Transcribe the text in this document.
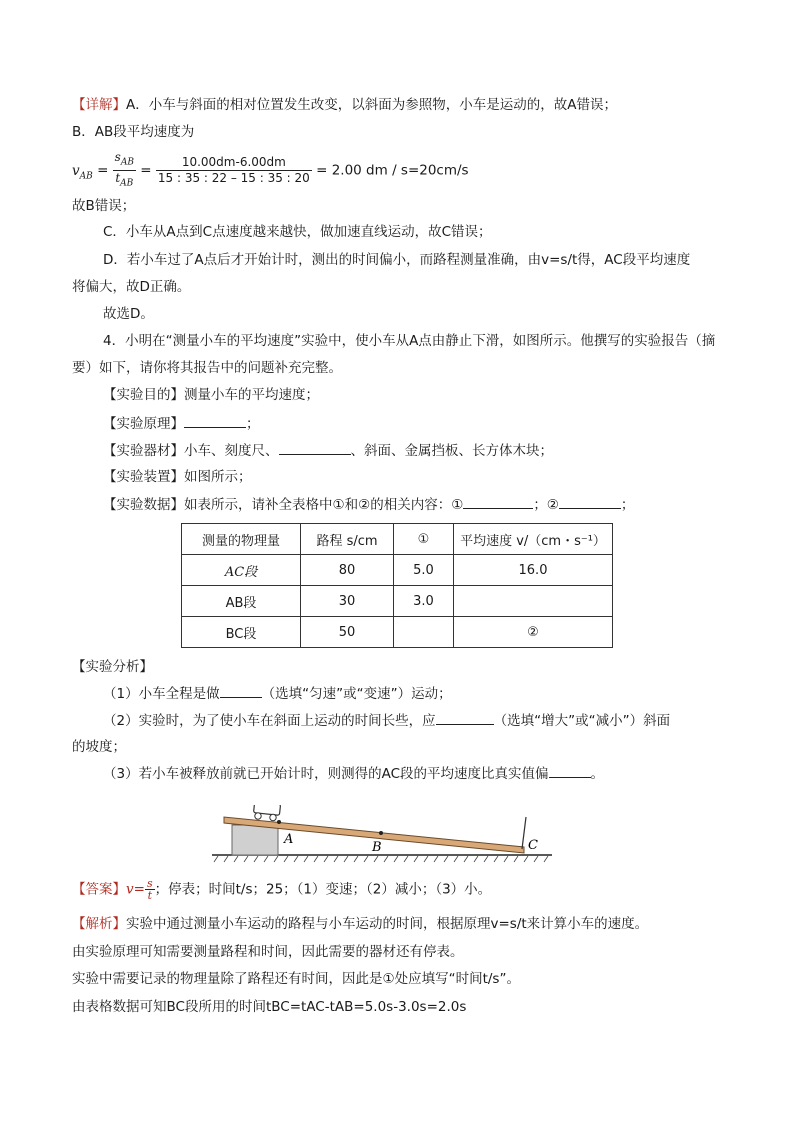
【详解】A．小车与斜面的相对位置发生改变，以斜面为参照物，小车是运动的，故A错误；
B．AB段平均速度为
$v_{AB} = \frac{s_{AB}}{t_{AB}} = \frac{10.00dm-6.00dm}{15 : 35 : 22 - 15 : 35 : 20} = 2.00$ dm / s=20cm/s
故B错误；
C．小车从A点到C点速度越来越快，做加速直线运动，故C错误；
D．若小车过了A点后才开始计时，测出的时间偏小，而路程测量准确，由v=s/t得，AC段平均速度
将偏大，故D正确。
故选D。
4．小明在“测量小车的平均速度”实验中，使小车从A点由静止下滑，如图所示。他撰写的实验报告（摘
要）如下，请你将其报告中的问题补充完整。
【实验目的】测量小车的平均速度；
【实验原理】	；
【实验器材】小车、刻度尺、	、斜面、金属挡板、长方体木块；
【实验装置】如图所示；
【实验数据】如表所示，请补全表格中①和②的相关内容：①	；②	；
测量的物理量	路程 s/cm	①	平均速度 v/（cm・s⁻¹）
AC段	80	5.0	16.0
AB段	30	3.0	
BC段	50		②
【实验分析】
（1）小车全程是做	（选填“匀速”或“变速”）运动；
（2）实验时，为了使小车在斜面上运动的时间长些，应	（选填“增大”或“减小”）斜面
的坡度；
（3）若小车被释放前就已开始计时，则测得的AC段的平均速度比真实值偏	。
A
B	C
【答案】$v= \frac{s}{t}$ ；停表；时间t/s；25；（1）变速；（2）减小；（3）小。
【解析】实验中通过测量小车运动的路程与小车运动的时间，根据原理v=s/t来计算小车的速度。
由实验原理可知需要测量路程和时间，因此需要的器材还有停表。
实验中需要记录的物理量除了路程还有时间，因此是①处应填写“时间t/s”。
由表格数据可知BC段所用的时间tBC=tAC-tAB=5.0s-3.0s=2.0s
